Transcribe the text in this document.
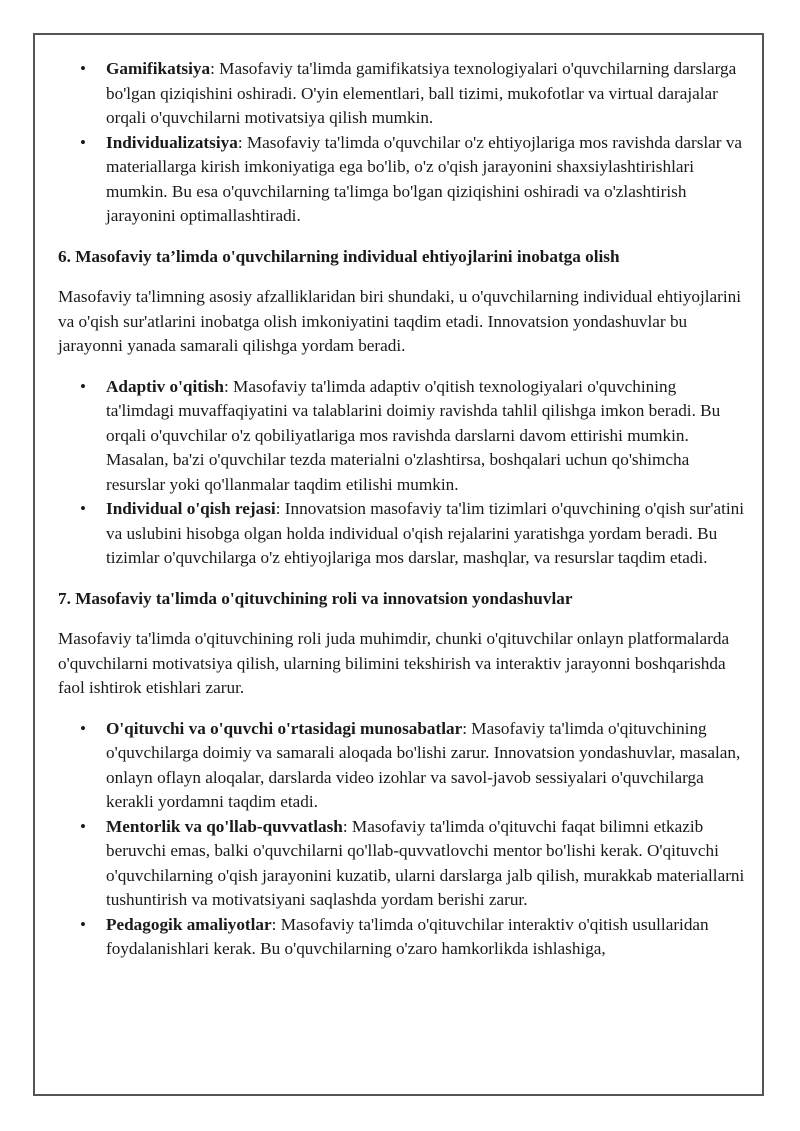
• Gamifikatsiya: Masofaviy ta'limda gamifikatsiya texnologiyalari o'quvchilarning darslarga bo'lgan qiziqishini oshiradi. O'yin elementlari, ball tizimi, mukofotlar va virtual darajalar orqali o'quvchilarni motivatsiya qilish mumkin.
• Individualizatsiya: Masofaviy ta'limda o'quvchilar o'z ehtiyojlariga mos ravishda darslar va materiallarga kirish imkoniyatiga ega bo'lib, o'z o'qish jarayonini shaxsiylashtirishlari mumkin. Bu esa o'quvchilarning ta'limga bo'lgan qiziqishini oshiradi va o'zlashtirish jarayonini optimallashtiradi.
6. Masofaviy ta’limda o'quvchilarning individual ehtiyojlarini inobatga olish

Masofaviy ta'limning asosiy afzalliklaridan biri shundaki, u o'quvchilarning individual ehtiyojlarini va o'qish sur'atlarini inobatga olish imkoniyatini taqdim etadi. Innovatsion yondashuvlar bu jarayonni yanada samarali qilishga yordam beradi.

• Adaptiv o'qitish: Masofaviy ta'limda adaptiv o'qitish texnologiyalari o'quvchining ta'limdagi muvaffaqiyatini va talablarini doimiy ravishda tahlil qilishga imkon beradi. Bu orqali o'quvchilar o'z qobiliyatlariga mos ravishda darslarni davom ettirishi mumkin. Masalan, ba'zi o'quvchilar tezda materialni o'zlashtirsa, boshqalari uchun qo'shimcha resurslar yoki qo'llanmalar taqdim etilishi mumkin.
• Individual o'qish rejasi: Innovatsion masofaviy ta'lim tizimlari o'quvchining o'qish sur'atini va uslubini hisobga olgan holda individual o'qish rejalarini yaratishga yordam beradi. Bu tizimlar o'quvchilarga o'z ehtiyojlariga mos darslar, mashqlar, va resurslar taqdim etadi.
7. Masofaviy ta'limda o'qituvchining roli va innovatsion yondashuvlar

Masofaviy ta'limda o'qituvchining roli juda muhimdir, chunki o'qituvchilar onlayn platformalarda o'quvchilarni motivatsiya qilish, ularning bilimini tekshirish va interaktiv jarayonni boshqarishda faol ishtirok etishlari zarur.

• O'qituvchi va o'quvchi o'rtasidagi munosabatlar: Masofaviy ta'limda o'qituvchining o'quvchilarga doimiy va samarali aloqada bo'lishi zarur. Innovatsion yondashuvlar, masalan, onlayn oflayn aloqalar, darslarda video izohlar va savol-javob sessiyalari o'quvchilarga kerakli yordamni taqdim etadi.
• Mentorlik va qo'llab-quvvatlash: Masofaviy ta'limda o'qituvchi faqat bilimni etkazib beruvchi emas, balki o'quvchilarni qo'llab-quvvatlovchi mentor bo'lishi kerak. O'qituvchi o'quvchilarning o'qish jarayonini kuzatib, ularni darslarga jalb qilish, murakkab materiallarni tushuntirish va motivatsiyani saqlashda yordam berishi zarur.
• Pedagogik amaliyotlar: Masofaviy ta'limda o'qituvchilar interaktiv o'qitish usullaridan foydalanishlari kerak. Bu o'quvchilarning o'zaro hamkorlikda ishlashiga,
